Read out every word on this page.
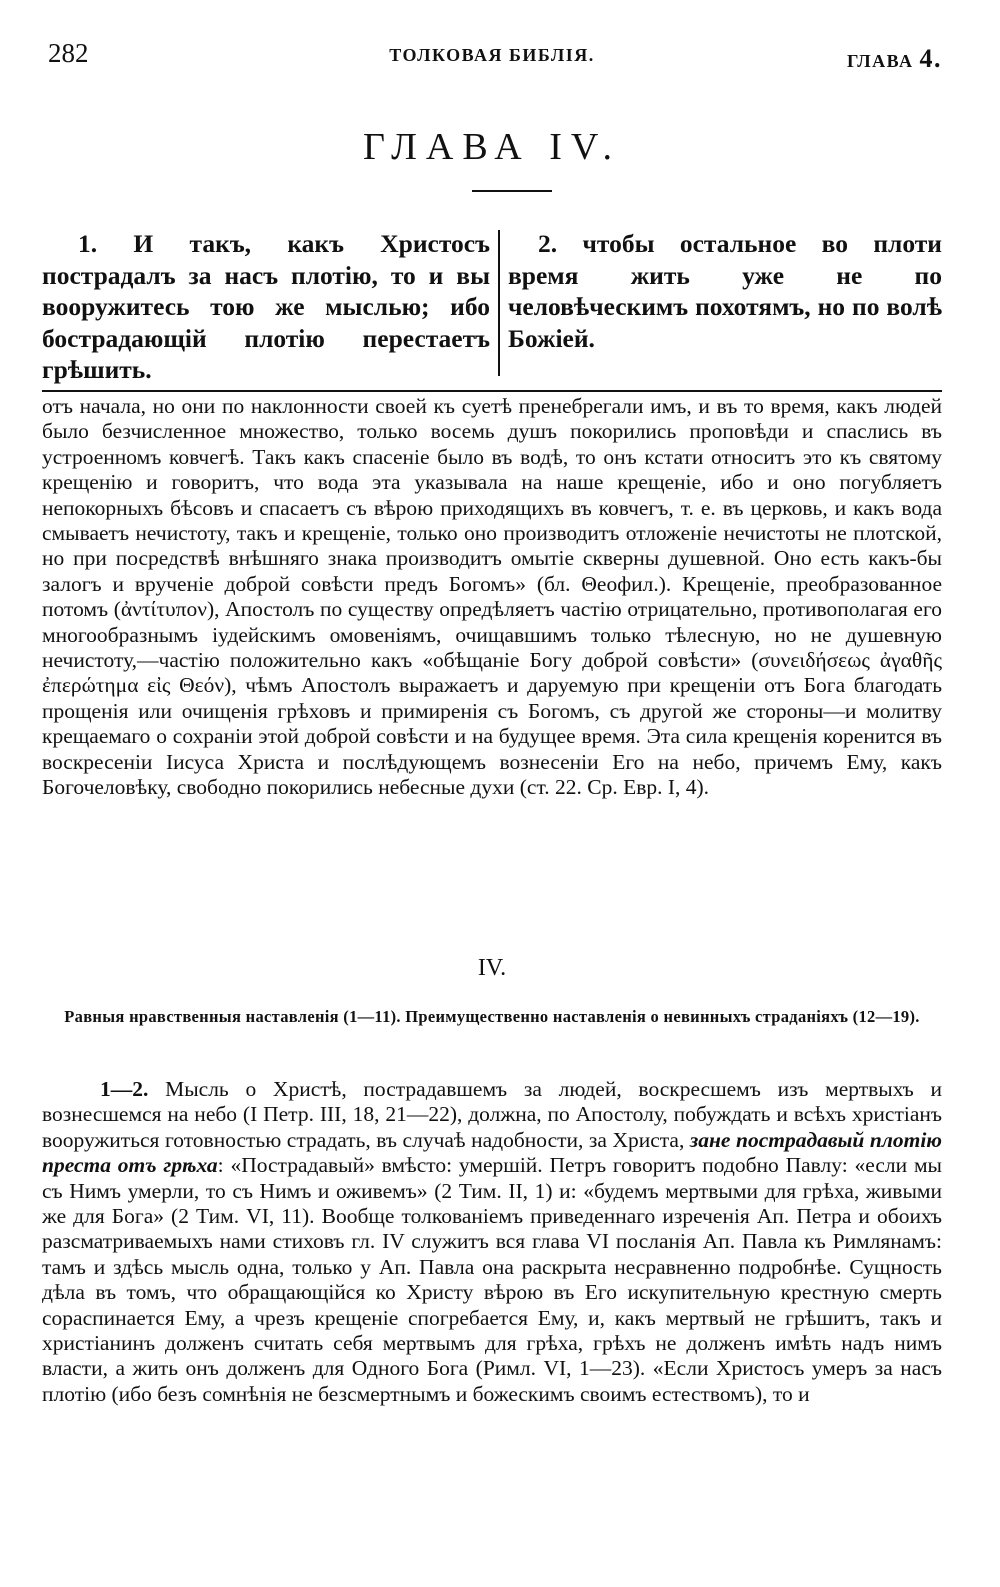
282	ТОЛКОВАЯ БИБЛІЯ.	ГЛАВА 4.
ГЛАВА IV.
1. И такъ, какъ Христосъ пострадалъ за насъ плотію, то и вы вооружитесь тою же мыслью; ибо бострадающій плотію перестаетъ грѣшить.
2. чтобы остальное во плоти время жить уже не по человѣческимъ похотямъ, но по волѣ Божіей.
отъ начала, но они по наклонности своей къ суетѣ пренебрегали имъ, и въ то время, какъ людей было безчисленное множество, только восемь душъ покорились проповѣди и спаслись въ устроенномъ ковчегѣ. Такъ какъ спасеніе было въ водѣ, то онъ кстати относитъ это къ святому крещенію и говоритъ, что вода эта указывала на наше крещеніе, ибо и оно погубляетъ непокорныхъ бѣсовъ и спасаетъ съ вѣрою приходящихъ въ ковчегъ, т. е. въ церковь, и какъ вода смываетъ нечистоту, такъ и крещеніе, только оно производитъ отложеніе нечистоты не плотской, но при посредствѣ внѣшняго знака производитъ омытіе скверны душевной. Оно есть какъ-бы залогъ и врученіе доброй совѣсти предъ Богомъ» (бл. Θеофил.). Крещеніе, преобразованное потомъ (ἀντίτυπον), Апостолъ по существу опредѣляетъ частію отрицательно, противополагая его многообразнымъ іудейскимъ омовеніямъ, очищавшимъ только тѣлесную, но не душевную нечистоту,—частію положительно какъ «обѣщаніе Богу доброй совѣсти» (συνειδήσεως ἀγαθῆς ἐπερώτημα εἰς Θεόν), чѣмъ Апостолъ выражаетъ и даруемую при крещеніи отъ Бога благодать прощенія или очищенія грѣховъ и примиренія съ Богомъ, съ другой же стороны—и молитву крещаемаго о сохраніи этой доброй совѣсти и на будущее время. Эта сила крещенія коренится въ воскресеніи Іисуса Христа и послѣдующемъ вознесеніи Его на небо, причемъ Ему, какъ Богочеловѣку, свободно покорились небесные духи (ст. 22. Ср. Евр. I, 4).
IV.
Равныя нравственныя наставленія (1—11). Преимущественно наставленія о невинныхъ страданіяхъ (12—19).
1—2. Мысль о Христѣ, пострадавшемъ за людей, воскресшемъ изъ мертвыхъ и вознесшемся на небо (I Петр. III, 18, 21—22), должна, по Апостолу, побуждать и всѣхъ христіанъ вооружиться готовностью страдать, въ случаѣ надобности, за Христа, зане пострадавый плотію преста отъ грѣха: «Пострадавый» вмѣсто: умершій. Петръ говоритъ подобно Павлу: «если мы съ Нимъ умерли, то съ Нимъ и оживемъ» (2 Тим. II, 1) и: «будемъ мертвыми для грѣха, живыми же для Бога» (2 Тим. VI, 11). Вообще толкованіемъ приведеннаго изреченія Ап. Петра и обоихъ разсматриваемыхъ нами стиховъ гл. IV служитъ вся глава VI посланія Ап. Павла къ Римлянамъ: тамъ и здѣсь мысль одна, только у Ап. Павла она раскрыта несравненно подробнѣе. Сущность дѣла въ томъ, что обращающійся ко Христу вѣрою въ Его искупительную крестную смерть сораспинается Ему, а чрезъ крещеніе спогребается Ему, и, какъ мертвый не грѣшитъ, такъ и христіанинъ долженъ считать себя мертвымъ для грѣха, грѣхъ не долженъ имѣть надъ нимъ власти, а жить онъ долженъ для Одного Бога (Римл. VI, 1—23). «Если Христосъ умеръ за насъ плотію (ибо безъ сомнѣнія не безсмертнымъ и божескимъ своимъ естествомъ), то и
